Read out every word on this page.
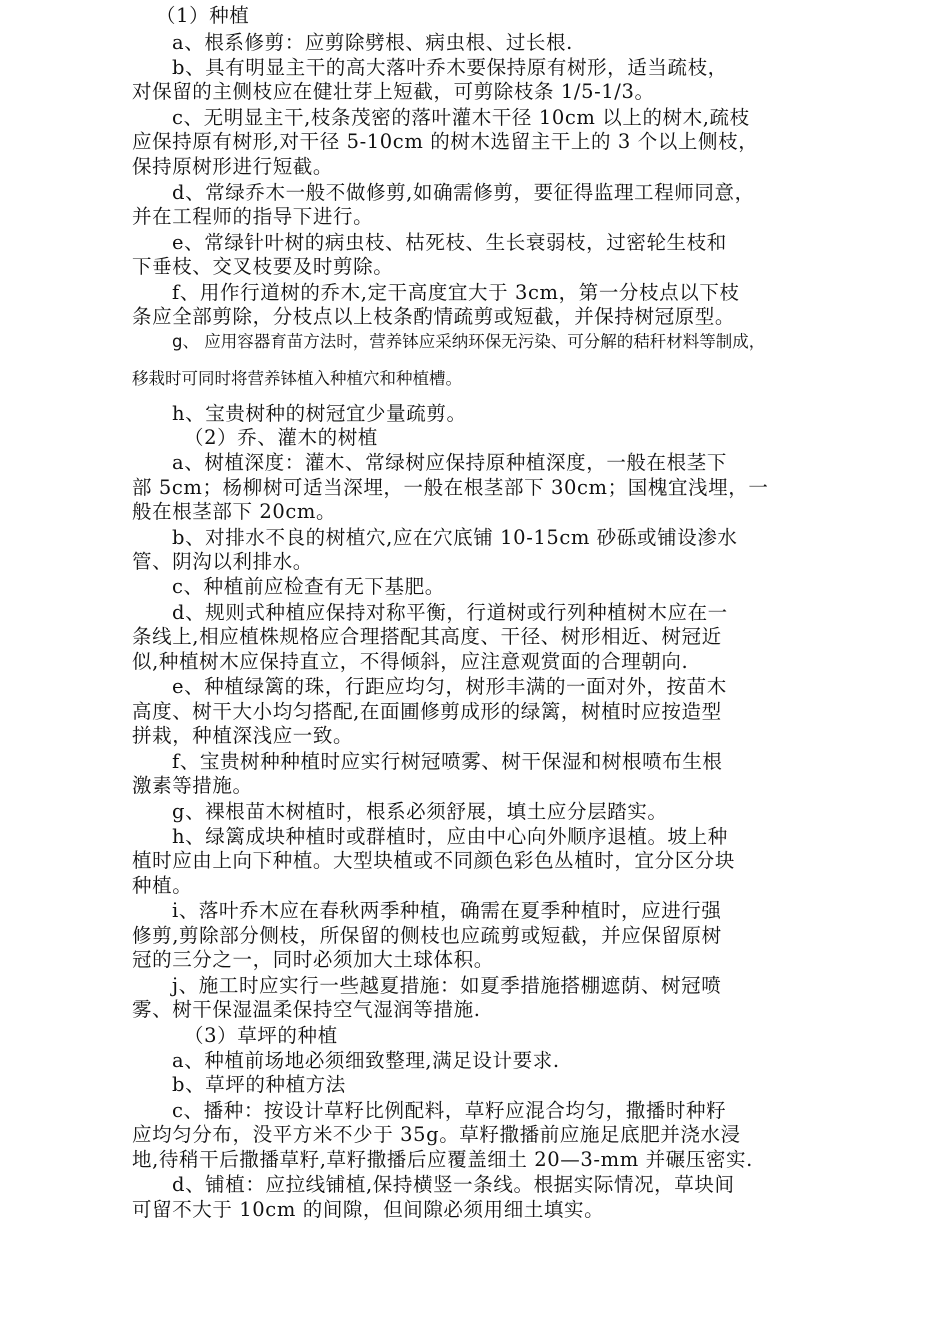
（1）种植
a、根系修剪：应剪除劈根、病虫根、过长根.
b、具有明显主干的高大落叶乔木要保持原有树形，适当疏枝，
对保留的主侧枝应在健壮芽上短截，可剪除枝条 1/5-1/3。
c、无明显主干,枝条茂密的落叶灌木干径 10cm 以上的树木,疏枝
应保持原有树形,对干径 5-10cm 的树木选留主干上的 3 个以上侧枝，
保持原树形进行短截。
d、常绿乔木一般不做修剪,如确需修剪，要征得监理工程师同意，
并在工程师的指导下进行。
e、常绿针叶树的病虫枝、枯死枝、生长衰弱枝，过密轮生枝和
下垂枝、交叉枝要及时剪除。
f、用作行道树的乔木,定干高度宜大于 3cm，第一分枝点以下枝
条应全部剪除，分枝点以上枝条酌情疏剪或短截，并保持树冠原型。
g、 应用容器育苗方法时，营养钵应采纳环保无污染、可分解的秸秆材料等制成，
移栽时可同时将营养钵植入种植穴和种植槽。
h、宝贵树种的树冠宜少量疏剪。
（2）乔、灌木的树植
a、树植深度：灌木、常绿树应保持原种植深度，一般在根茎下
部 5cm；杨柳树可适当深埋，一般在根茎部下 30cm；国槐宜浅埋，一
般在根茎部下 20cm。
b、对排水不良的树植穴,应在穴底铺 10-15cm 砂砾或铺设渗水
管、阴沟以利排水。
c、种植前应检查有无下基肥。
d、规则式种植应保持对称平衡，行道树或行列种植树木应在一
条线上,相应植株规格应合理搭配其高度、干径、树形相近、树冠近
似,种植树木应保持直立，不得倾斜，应注意观赏面的合理朝向.
e、种植绿篱的珠，行距应均匀，树形丰满的一面对外，按苗木
高度、树干大小均匀搭配,在面圃修剪成形的绿篱，树植时应按造型
拼栽，种植深浅应一致。
f、宝贵树种种植时应实行树冠喷雾、树干保湿和树根喷布生根
激素等措施。
g、裸根苗木树植时，根系必须舒展，填土应分层踏实。
h、绿篱成块种植时或群植时，应由中心向外顺序退植。坡上种
植时应由上向下种植。大型块植或不同颜色彩色丛植时，宜分区分块
种植。
i、落叶乔木应在春秋两季种植，确需在夏季种植时，应进行强
修剪,剪除部分侧枝，所保留的侧枝也应疏剪或短截，并应保留原树
冠的三分之一，同时必须加大土球体积。
j、施工时应实行一些越夏措施：如夏季措施搭棚遮荫、树冠喷
雾、树干保湿温柔保持空气湿润等措施.
（3）草坪的种植
a、种植前场地必须细致整理,满足设计要求.
b、草坪的种植方法
c、播种：按设计草籽比例配料，草籽应混合均匀，撒播时种籽
应均匀分布，没平方米不少于 35g。草籽撒播前应施足底肥并浇水浸
地,待稍干后撒播草籽,草籽撒播后应覆盖细土 20—3-mm 并碾压密实.
d、铺植：应拉线铺植,保持横竖一条线。根据实际情况，草块间
可留不大于 10cm 的间隙，但间隙必须用细土填实。
